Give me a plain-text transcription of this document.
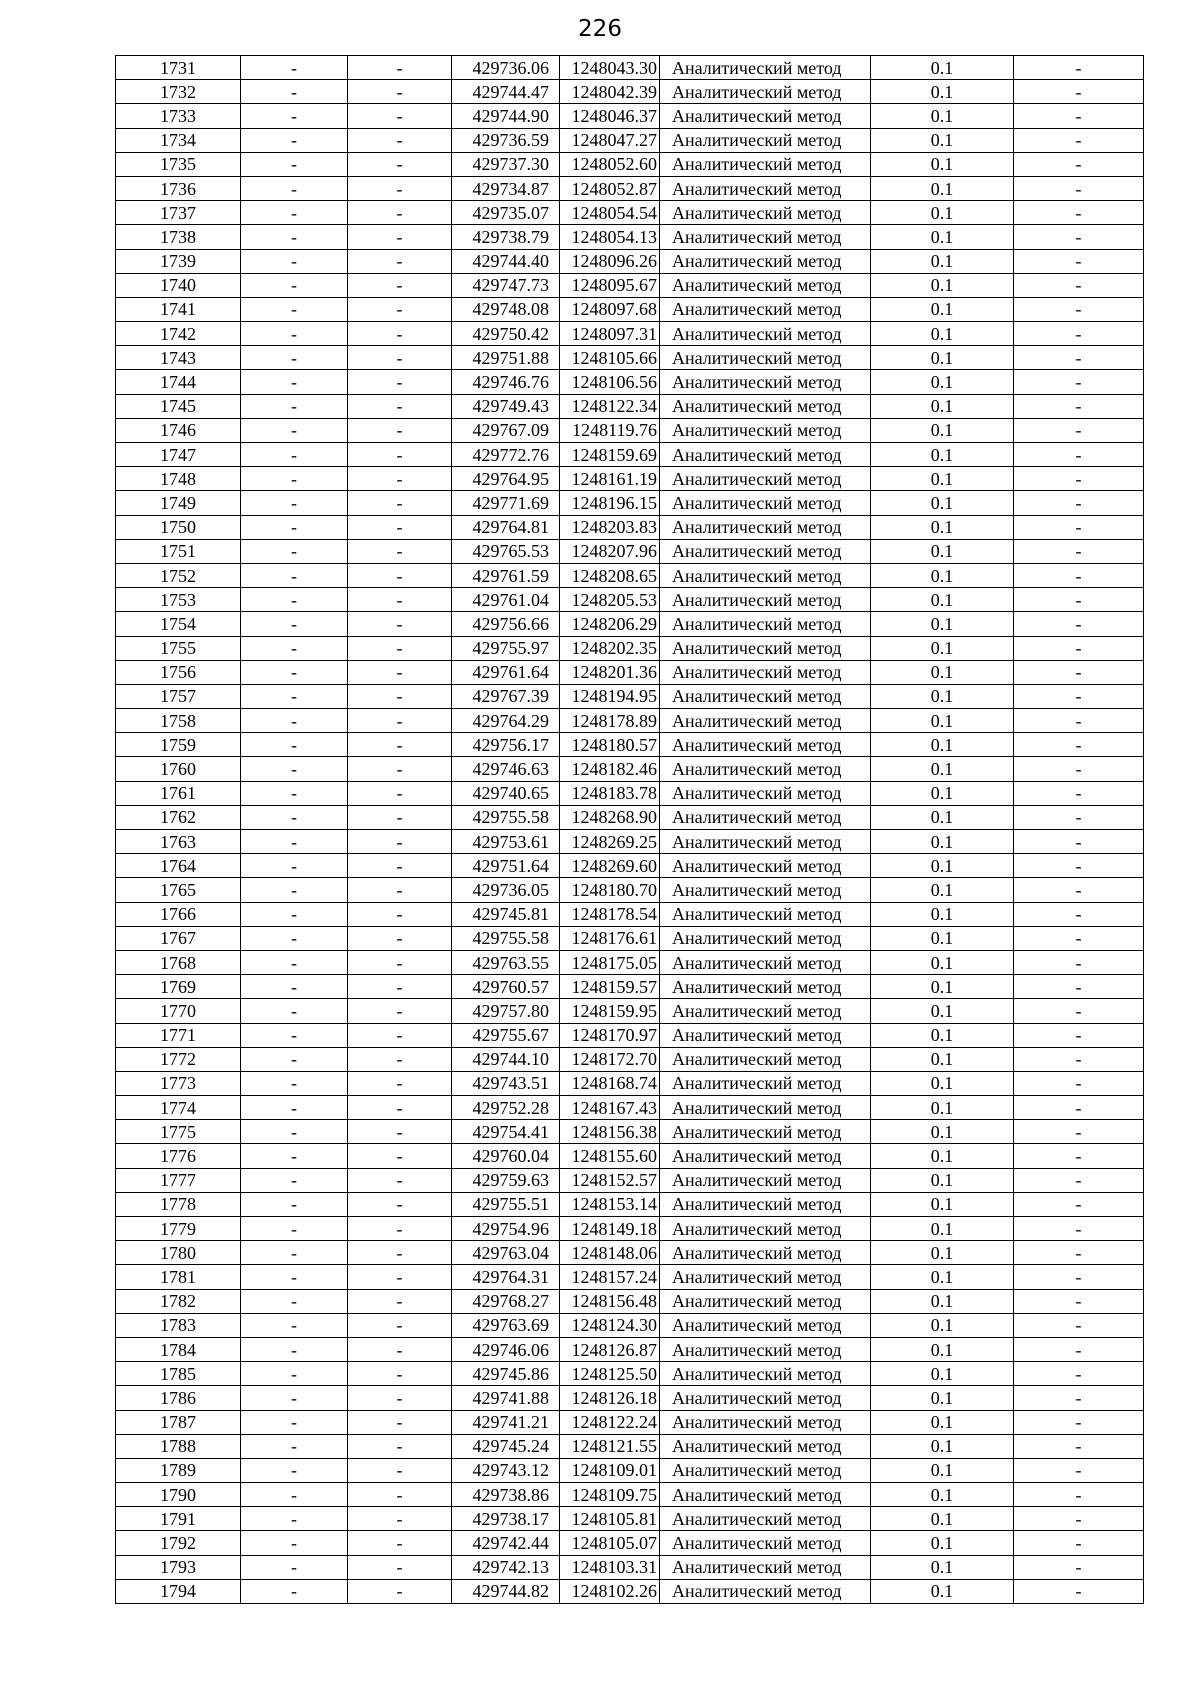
226
1731	-	-	429736.06	1248043.30	Аналитический метод	0.1	-
1732	-	-	429744.47	1248042.39	Аналитический метод	0.1	-
1733	-	-	429744.90	1248046.37	Аналитический метод	0.1	-
1734	-	-	429736.59	1248047.27	Аналитический метод	0.1	-
1735	-	-	429737.30	1248052.60	Аналитический метод	0.1	-
1736	-	-	429734.87	1248052.87	Аналитический метод	0.1	-
1737	-	-	429735.07	1248054.54	Аналитический метод	0.1	-
1738	-	-	429738.79	1248054.13	Аналитический метод	0.1	-
1739	-	-	429744.40	1248096.26	Аналитический метод	0.1	-
1740	-	-	429747.73	1248095.67	Аналитический метод	0.1	-
1741	-	-	429748.08	1248097.68	Аналитический метод	0.1	-
1742	-	-	429750.42	1248097.31	Аналитический метод	0.1	-
1743	-	-	429751.88	1248105.66	Аналитический метод	0.1	-
1744	-	-	429746.76	1248106.56	Аналитический метод	0.1	-
1745	-	-	429749.43	1248122.34	Аналитический метод	0.1	-
1746	-	-	429767.09	1248119.76	Аналитический метод	0.1	-
1747	-	-	429772.76	1248159.69	Аналитический метод	0.1	-
1748	-	-	429764.95	1248161.19	Аналитический метод	0.1	-
1749	-	-	429771.69	1248196.15	Аналитический метод	0.1	-
1750	-	-	429764.81	1248203.83	Аналитический метод	0.1	-
1751	-	-	429765.53	1248207.96	Аналитический метод	0.1	-
1752	-	-	429761.59	1248208.65	Аналитический метод	0.1	-
1753	-	-	429761.04	1248205.53	Аналитический метод	0.1	-
1754	-	-	429756.66	1248206.29	Аналитический метод	0.1	-
1755	-	-	429755.97	1248202.35	Аналитический метод	0.1	-
1756	-	-	429761.64	1248201.36	Аналитический метод	0.1	-
1757	-	-	429767.39	1248194.95	Аналитический метод	0.1	-
1758	-	-	429764.29	1248178.89	Аналитический метод	0.1	-
1759	-	-	429756.17	1248180.57	Аналитический метод	0.1	-
1760	-	-	429746.63	1248182.46	Аналитический метод	0.1	-
1761	-	-	429740.65	1248183.78	Аналитический метод	0.1	-
1762	-	-	429755.58	1248268.90	Аналитический метод	0.1	-
1763	-	-	429753.61	1248269.25	Аналитический метод	0.1	-
1764	-	-	429751.64	1248269.60	Аналитический метод	0.1	-
1765	-	-	429736.05	1248180.70	Аналитический метод	0.1	-
1766	-	-	429745.81	1248178.54	Аналитический метод	0.1	-
1767	-	-	429755.58	1248176.61	Аналитический метод	0.1	-
1768	-	-	429763.55	1248175.05	Аналитический метод	0.1	-
1769	-	-	429760.57	1248159.57	Аналитический метод	0.1	-
1770	-	-	429757.80	1248159.95	Аналитический метод	0.1	-
1771	-	-	429755.67	1248170.97	Аналитический метод	0.1	-
1772	-	-	429744.10	1248172.70	Аналитический метод	0.1	-
1773	-	-	429743.51	1248168.74	Аналитический метод	0.1	-
1774	-	-	429752.28	1248167.43	Аналитический метод	0.1	-
1775	-	-	429754.41	1248156.38	Аналитический метод	0.1	-
1776	-	-	429760.04	1248155.60	Аналитический метод	0.1	-
1777	-	-	429759.63	1248152.57	Аналитический метод	0.1	-
1778	-	-	429755.51	1248153.14	Аналитический метод	0.1	-
1779	-	-	429754.96	1248149.18	Аналитический метод	0.1	-
1780	-	-	429763.04	1248148.06	Аналитический метод	0.1	-
1781	-	-	429764.31	1248157.24	Аналитический метод	0.1	-
1782	-	-	429768.27	1248156.48	Аналитический метод	0.1	-
1783	-	-	429763.69	1248124.30	Аналитический метод	0.1	-
1784	-	-	429746.06	1248126.87	Аналитический метод	0.1	-
1785	-	-	429745.86	1248125.50	Аналитический метод	0.1	-
1786	-	-	429741.88	1248126.18	Аналитический метод	0.1	-
1787	-	-	429741.21	1248122.24	Аналитический метод	0.1	-
1788	-	-	429745.24	1248121.55	Аналитический метод	0.1	-
1789	-	-	429743.12	1248109.01	Аналитический метод	0.1	-
1790	-	-	429738.86	1248109.75	Аналитический метод	0.1	-
1791	-	-	429738.17	1248105.81	Аналитический метод	0.1	-
1792	-	-	429742.44	1248105.07	Аналитический метод	0.1	-
1793	-	-	429742.13	1248103.31	Аналитический метод	0.1	-
1794	-	-	429744.82	1248102.26	Аналитический метод	0.1	-
